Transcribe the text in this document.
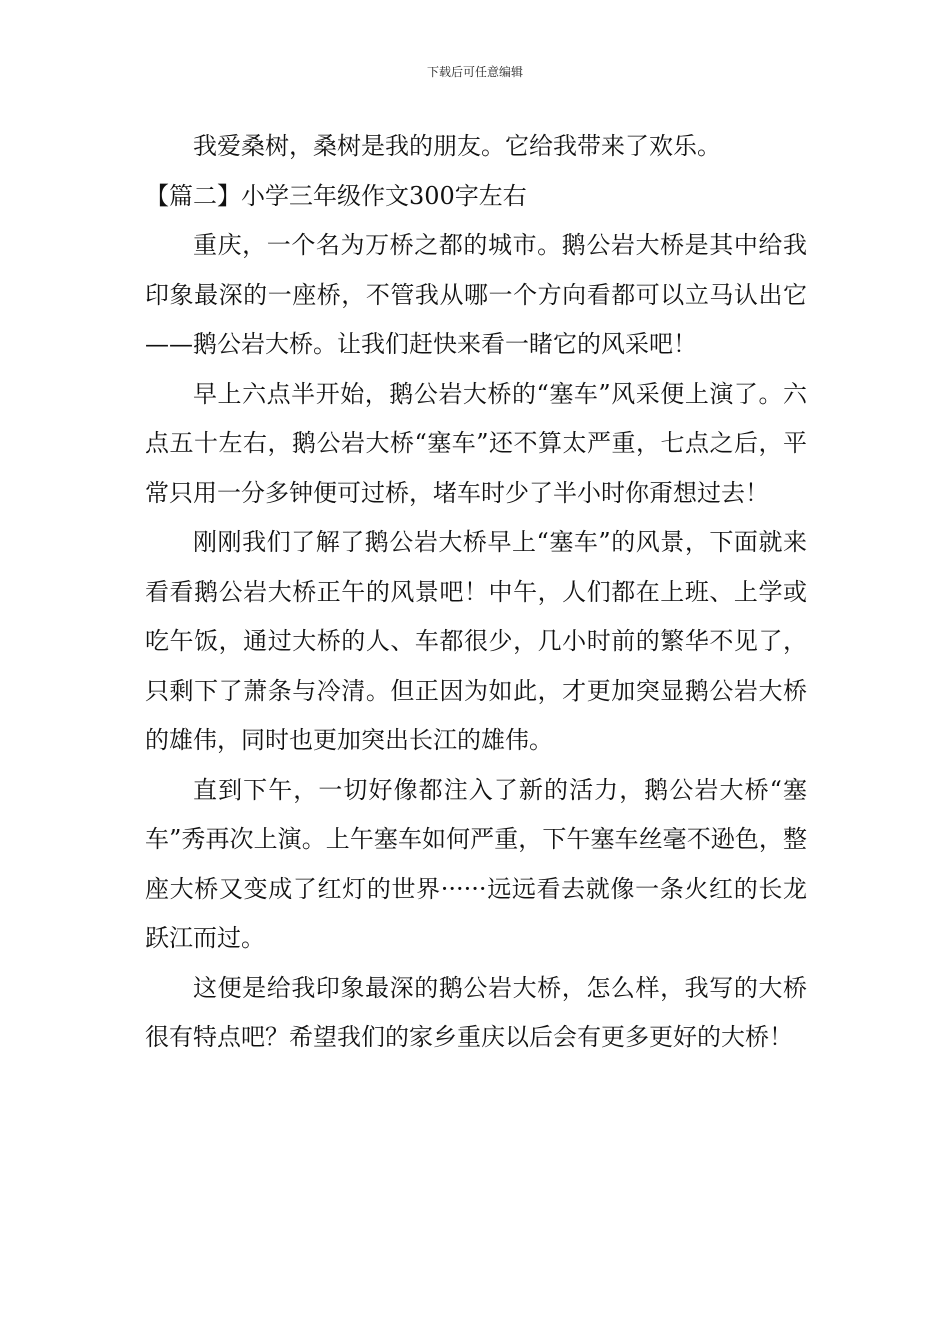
下载后可任意编辑

我爱桑树，桑树是我的朋友。它给我带来了欢乐。

【篇二】小学三年级作文300字左右

重庆，一个名为万桥之都的城市。鹅公岩大桥是其中给我印象最深的一座桥，不管我从哪一个方向看都可以立马认出它——鹅公岩大桥。让我们赶快来看一睹它的风采吧！

早上六点半开始，鹅公岩大桥的“塞车”风采便上演了。六点五十左右，鹅公岩大桥“塞车”还不算太严重，七点之后，平常只用一分多钟便可过桥，堵车时少了半小时你甭想过去！

刚刚我们了解了鹅公岩大桥早上“塞车”的风景，下面就来看看鹅公岩大桥正午的风景吧！中午，人们都在上班、上学或吃午饭，通过大桥的人、车都很少，几小时前的繁华不见了，只剩下了萧条与冷清。但正因为如此，才更加突显鹅公岩大桥的雄伟，同时也更加突出长江的雄伟。

直到下午，一切好像都注入了新的活力，鹅公岩大桥“塞车”秀再次上演。上午塞车如何严重，下午塞车丝毫不逊色，整座大桥又变成了红灯的世界······远远看去就像一条火红的长龙跃江而过。

这便是给我印象最深的鹅公岩大桥，怎么样，我写的大桥很有特点吧？希望我们的家乡重庆以后会有更多更好的大桥！
